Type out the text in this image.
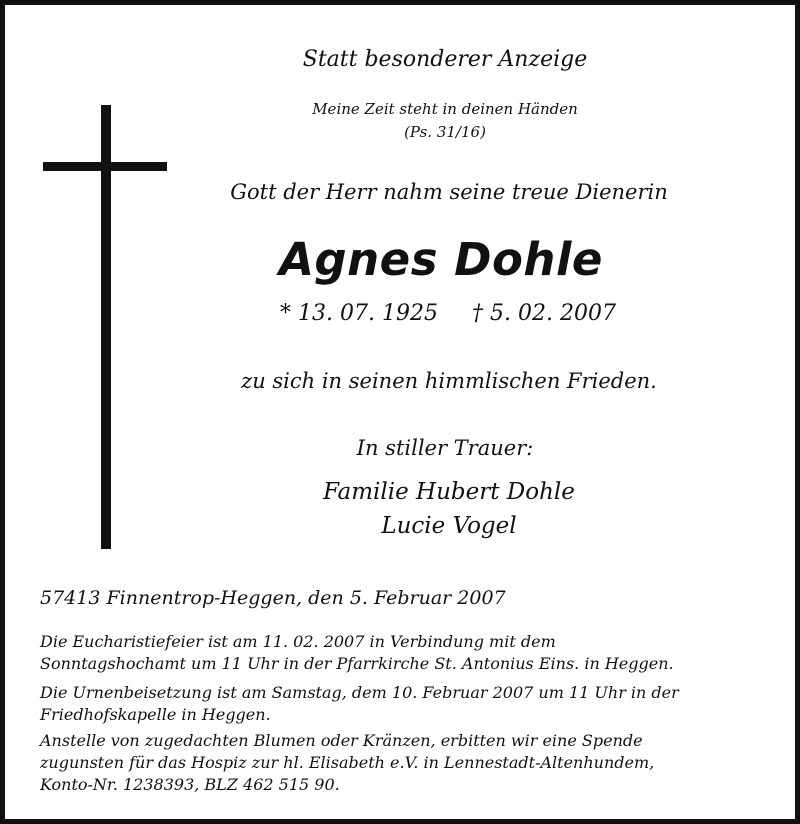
Statt besonderer Anzeige
Meine Zeit steht in deinen Händen
(Ps. 31/16)
Gott der Herr nahm seine treue Dienerin
Agnes Dohle
* 13. 07. 1925 † 5. 02. 2007
zu sich in seinen himmlischen Frieden.
In stiller Trauer:
Familie Hubert Dohle
Lucie Vogel
57413 Finnentrop-Heggen, den 5. Februar 2007

Die Eucharistiefeier ist am 11. 02. 2007 in Verbindung mit dem

Sonntagshochamt um 11 Uhr in der Pfarrkirche St. Antonius Eins. in Heggen.

Die Urnenbeisetzung ist am Samstag, dem 10. Februar 2007 um 11 Uhr in der

Friedhofskapelle in Heggen.

Anstelle von zugedachten Blumen oder Kränzen, erbitten wir eine Spende

zugunsten für das Hospiz zur hl. Elisabeth e.V. in Lennestadt-Altenhundem,

Konto-Nr. 1238393, BLZ 462 515 90.
